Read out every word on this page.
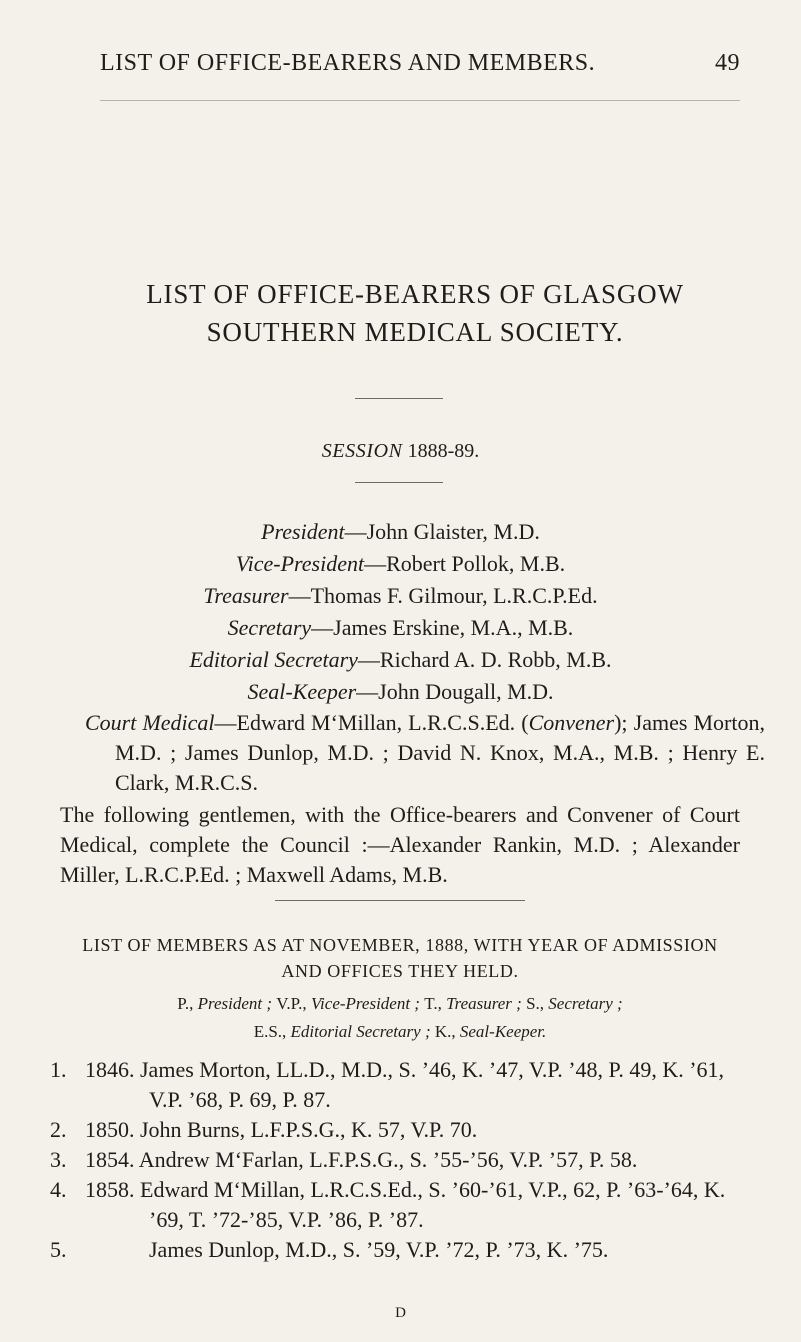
LIST OF OFFICE-BEARERS AND MEMBERS.	49
LIST OF OFFICE-BEARERS OF GLASGOW
SOUTHERN MEDICAL SOCIETY.
SESSION 1888-89.
President—John Glaister, M.D.
Vice-President—Robert Pollok, M.B.
Treasurer—Thomas F. Gilmour, L.R.C.P.Ed.
Secretary—James Erskine, M.A., M.B.
Editorial Secretary—Richard A. D. Robb, M.B.
Seal-Keeper—John Dougall, M.D.
Court Medical—Edward M‘Millan, L.R.C.S.Ed. (Convener); James Morton, M.D. ; James Dunlop, M.D. ; David N. Knox, M.A., M.B. ; Henry E. Clark, M.R.C.S.
The following gentlemen, with the Office-bearers and Convener of Court Medical, complete the Council :—Alexander Rankin, M.D. ; Alexander Miller, L.R.C.P.Ed. ; Maxwell Adams, M.B.
LIST OF MEMBERS AS AT NOVEMBER, 1888, WITH YEAR OF ADMISSION AND OFFICES THEY HELD.
P., President ; V.P., Vice-President ; T., Treasurer ; S., Secretary ;
E.S., Editorial Secretary ; K., Seal-Keeper.
1. 1846. James Morton, LL.D., M.D., S. ’46, K. ’47, V.P. ’48, P. 49, K. ’61, V.P. ’68, P. 69, P. 87.
2. 1850. John Burns, L.F.P.S.G., K. 57, V.P. 70.
3. 1854. Andrew M‘Farlan, L.F.P.S.G., S. ’55-’56, V.P. ’57, P. 58.
4. 1858. Edward M‘Millan, L.R.C.S.Ed., S. ’60-’61, V.P., 62, P. ’63-’64, K. ’69, T. ’72-’85, V.P. ’86, P. ’87.
5.	James Dunlop, M.D., S. ’59, V.P. ’72, P. ’73, K. ’75.
D
